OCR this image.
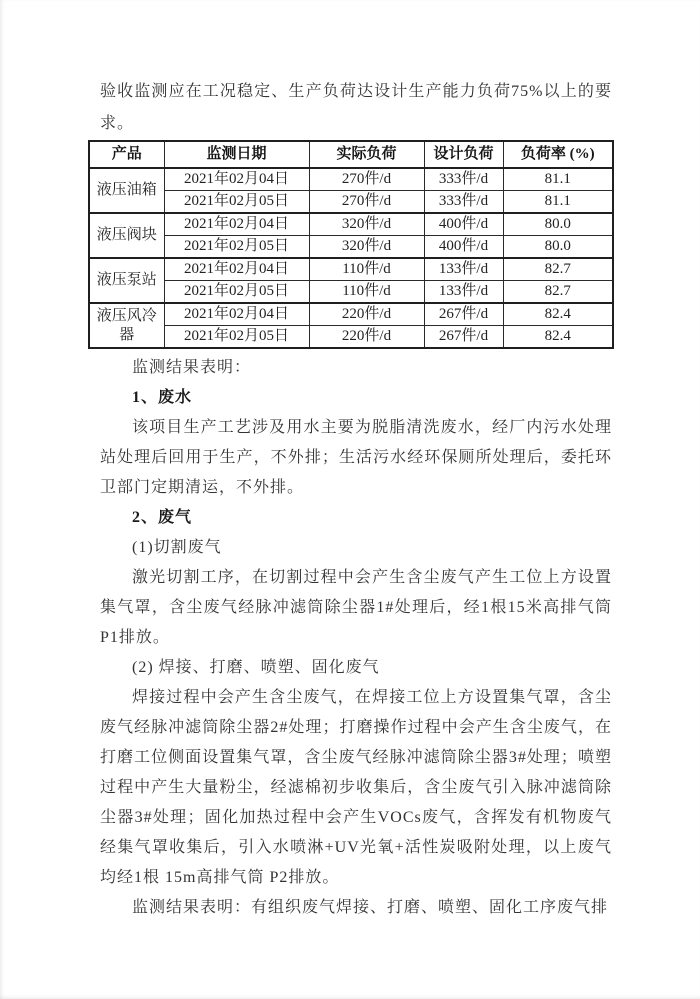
验收监测应在工况稳定、生产负荷达设计生产能力负荷75%以上的要求。

产品	监测日期	实际负荷	设计负荷	负荷率 (%)
液压油箱	2021年02月04日	270件/d	333件/d	81.1
	2021年02月05日	270件/d	333件/d	81.1
液压阀块	2021年02月04日	320件/d	400件/d	80.0
	2021年02月05日	320件/d	400件/d	80.0
液压泵站	2021年02月04日	110件/d	133件/d	82.7
	2021年02月05日	110件/d	133件/d	82.7
液压风冷器	2021年02月04日	220件/d	267件/d	82.4
	2021年02月05日	220件/d	267件/d	82.4

监测结果表明：

1、废水

该项目生产工艺涉及用水主要为脱脂清洗废水，经厂内污水处理站处理后回用于生产，不外排；生活污水经环保厕所处理后，委托环卫部门定期清运，不外排。

2、废气

(1)切割废气

激光切割工序，在切割过程中会产生含尘废气产生工位上方设置集气罩，含尘废气经脉冲滤筒除尘器1#处理后，经1根15米高排气筒P1排放。

(2) 焊接、打磨、喷塑、固化废气

焊接过程中会产生含尘废气，在焊接工位上方设置集气罩，含尘废气经脉冲滤筒除尘器2#处理；打磨操作过程中会产生含尘废气，在打磨工位侧面设置集气罩，含尘废气经脉冲滤筒除尘器3#处理；喷塑过程中产生大量粉尘，经滤棉初步收集后，含尘废气引入脉冲滤筒除尘器3#处理；固化加热过程中会产生VOCs废气，含挥发有机物废气经集气罩收集后，引入水喷淋+UV光氧+活性炭吸附处理，以上废气均经1根 15m高排气筒 P2排放。

监测结果表明：有组织废气焊接、打磨、喷塑、固化工序废气排
